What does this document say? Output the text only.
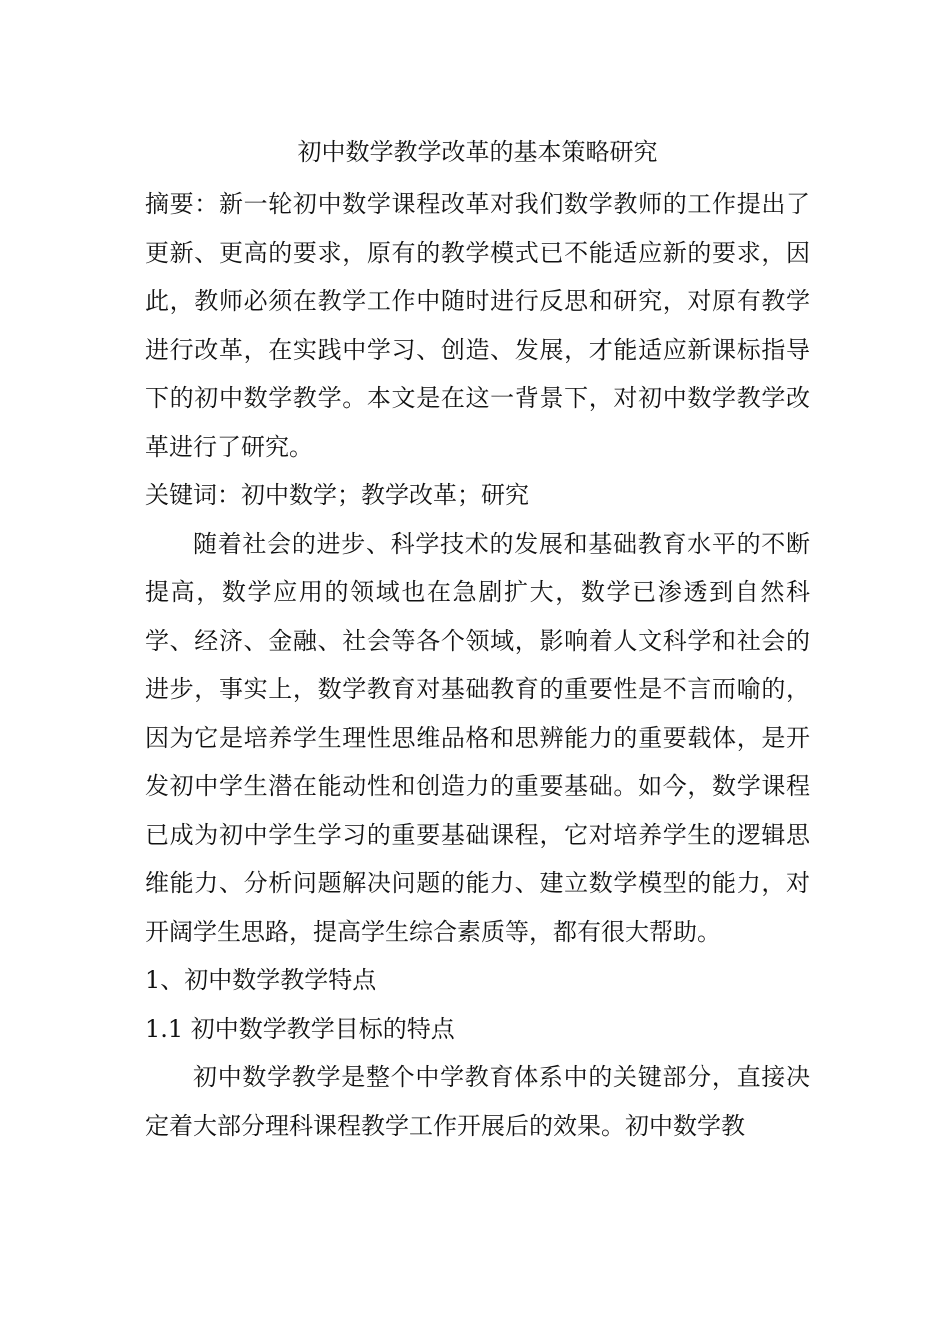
初中数学教学改革的基本策略研究

摘要：新一轮初中数学课程改革对我们数学教师的工作提出了更新、更高的要求，原有的教学模式已不能适应新的要求，因此，教师必须在教学工作中随时进行反思和研究，对原有教学进行改革，在实践中学习、创造、发展，才能适应新课标指导下的初中数学教学。本文是在这一背景下，对初中数学教学改革进行了研究。

关键词：初中数学；教学改革；研究

随着社会的进步、科学技术的发展和基础教育水平的不断提高，数学应用的领域也在急剧扩大，数学已渗透到自然科学、经济、金融、社会等各个领域，影响着人文科学和社会的进步，事实上，数学教育对基础教育的重要性是不言而喻的，因为它是培养学生理性思维品格和思辨能力的重要载体，是开发初中学生潜在能动性和创造力的重要基础。如今，数学课程已成为初中学生学习的重要基础课程，它对培养学生的逻辑思维能力、分析问题解决问题的能力、建立数学模型的能力，对开阔学生思路，提高学生综合素质等，都有很大帮助。

1、初中数学教学特点

1.1 初中数学教学目标的特点

初中数学教学是整个中学教育体系中的关键部分，直接决定着大部分理科课程教学工作开展后的效果。初中数学教
